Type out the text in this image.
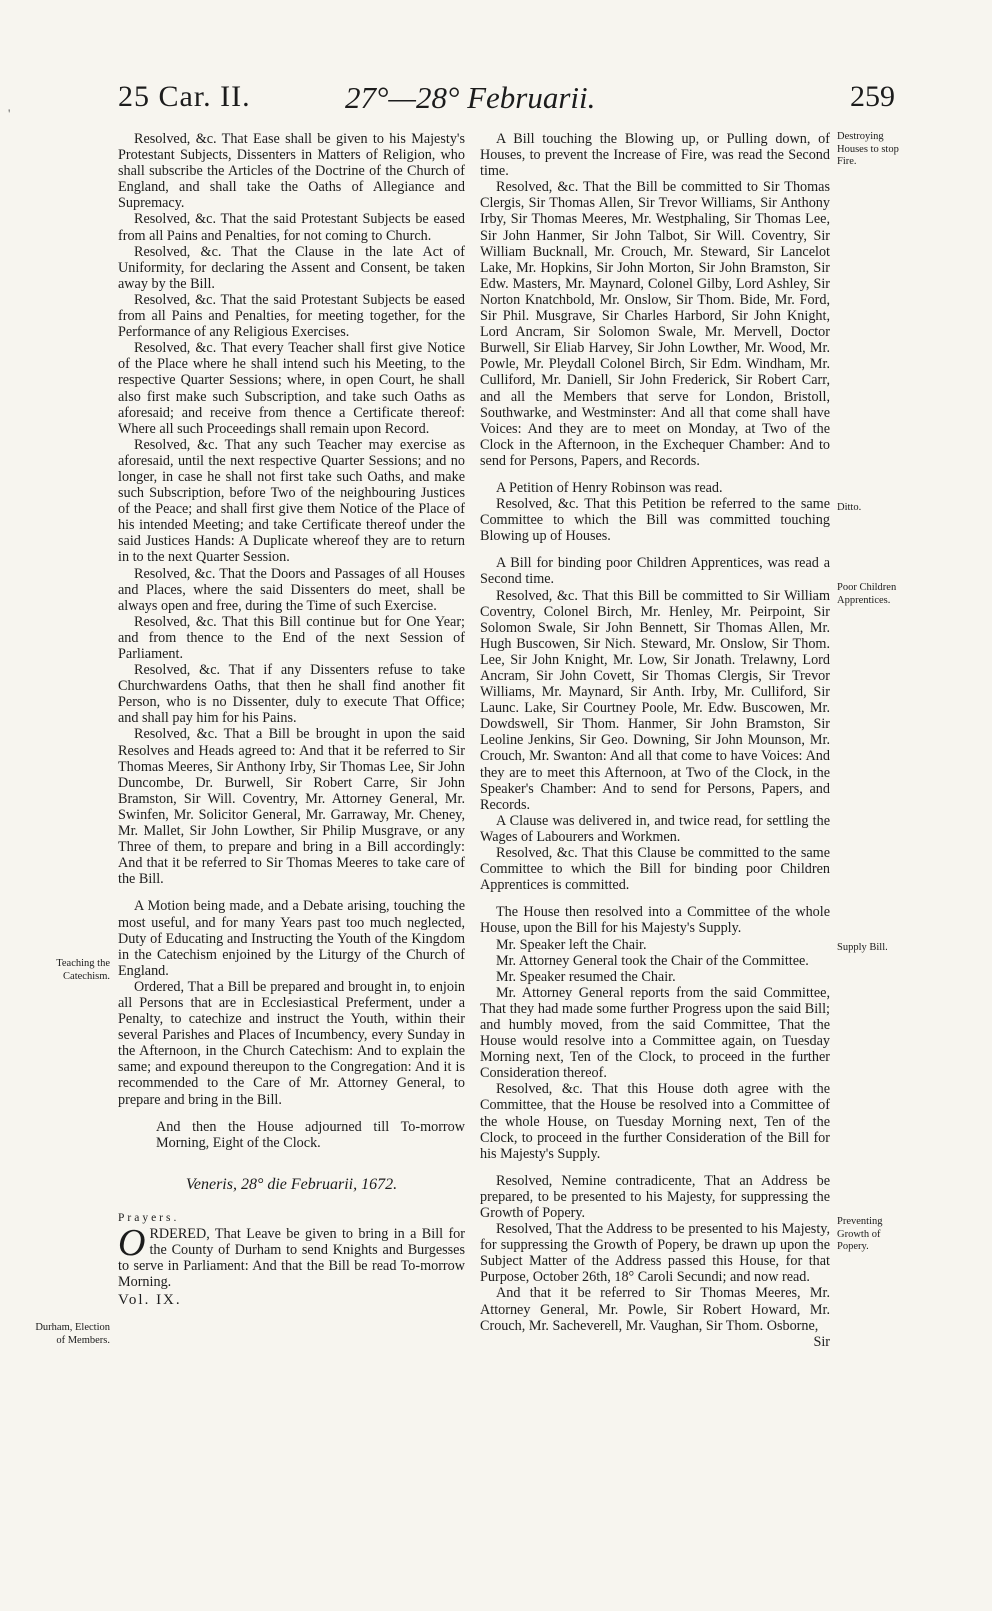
25 Car. II.	27°—28° Februarii.	259
'

Resolved, &c. That Ease shall be given to his Majesty's Protestant Subjects, Dissenters in Matters of Religion, who shall subscribe the Articles of the Doctrine of the Church of England, and shall take the Oaths of Allegiance and Supremacy.

Resolved, &c. That the said Protestant Subjects be eased from all Pains and Penalties, for not coming to Church.

Resolved, &c. That the Clause in the late Act of Uniformity, for declaring the Assent and Consent, be taken away by the Bill.

Resolved, &c. That the said Protestant Subjects be eased from all Pains and Penalties, for meeting together, for the Performance of any Religious Exercises.

Resolved, &c. That every Teacher shall first give Notice of the Place where he shall intend such his Meeting, to the respective Quarter Sessions; where, in open Court, he shall also first make such Subscription, and take such Oaths as aforesaid; and receive from thence a Certificate thereof: Where all such Proceedings shall remain upon Record.

Resolved, &c. That any such Teacher may exercise as aforesaid, until the next respective Quarter Sessions; and no longer, in case he shall not first take such Oaths, and make such Subscription, before Two of the neighbouring Justices of the Peace; and shall first give them Notice of the Place of his intended Meeting; and take Certificate thereof under the said Justices Hands: A Duplicate whereof they are to return in to the next Quarter Session.

Resolved, &c. That the Doors and Passages of all Houses and Places, where the said Dissenters do meet, shall be always open and free, during the Time of such Exercise.

Resolved, &c. That this Bill continue but for One Year; and from thence to the End of the next Session of Parliament.

Resolved, &c. That if any Dissenters refuse to take Churchwardens Oaths, that then he shall find another fit Person, who is no Dissenter, duly to execute That Office; and shall pay him for his Pains.

Resolved, &c. That a Bill be brought in upon the said Resolves and Heads agreed to: And that it be referred to Sir Thomas Meeres, Sir Anthony Irby, Sir Thomas Lee, Sir John Duncombe, Dr. Burwell, Sir Robert Carre, Sir John Bramston, Sir Will. Coventry, Mr. Attorney General, Mr. Swinfen, Mr. Solicitor General, Mr. Garraway, Mr. Cheney, Mr. Mallet, Sir John Lowther, Sir Philip Musgrave, or any Three of them, to prepare and bring in a Bill accordingly: And that it be referred to Sir Thomas Meeres to take care of the Bill.

A Motion being made, and a Debate arising, touching the most useful, and for many Years past too much neglected, Duty of Educating and Instructing the Youth of the Kingdom in the Catechism enjoined by the Liturgy of the Church of England.

Ordered, That a Bill be prepared and brought in, to enjoin all Persons that are in Ecclesiastical Preferment, under a Penalty, to catechize and instruct the Youth, within their several Parishes and Places of Incumbency, every Sunday in the Afternoon, in the Church Catechism: And to explain the same; and expound thereupon to the Congregation: And it is recommended to the Care of Mr. Attorney General, to prepare and bring in the Bill.

And then the House adjourned till To-morrow Morning, Eight of the Clock.

Veneris, 28° die Februarii, 1672.

Prayers.

ORDERED, That Leave be given to bring in a Bill for the County of Durham to send Knights and Burgesses to serve in Parliament: And that the Bill be read To-morrow Morning.

Vol. IX.

A Bill touching the Blowing up, or Pulling down, of Houses, to prevent the Increase of Fire, was read the Second time.

Resolved, &c. That the Bill be committed to Sir Thomas Clergis, Sir Thomas Allen, Sir Trevor Williams, Sir Anthony Irby, Sir Thomas Meeres, Mr. Westphaling, Sir Thomas Lee, Sir John Hanmer, Sir John Talbot, Sir Will. Coventry, Sir William Bucknall, Mr. Crouch, Mr. Steward, Sir Lancelot Lake, Mr. Hopkins, Sir John Morton, Sir John Bramston, Sir Edw. Masters, Mr. Maynard, Colonel Gilby, Lord Ashley, Sir Norton Knatchbold, Mr. Onslow, Sir Thom. Bide, Mr. Ford, Sir Phil. Musgrave, Sir Charles Harbord, Sir John Knight, Lord Ancram, Sir Solomon Swale, Mr. Mervell, Doctor Burwell, Sir Eliab Harvey, Sir John Lowther, Mr. Wood, Mr. Powle, Mr. Pleydall Colonel Birch, Sir Edm. Windham, Mr. Culliford, Mr. Daniell, Sir John Frederick, Sir Robert Carr, and all the Members that serve for London, Bristoll, Southwarke, and Westminster: And all that come shall have Voices: And they are to meet on Monday, at Two of the Clock in the Afternoon, in the Exchequer Chamber: And to send for Persons, Papers, and Records.

A Petition of Henry Robinson was read.

Resolved, &c. That this Petition be referred to the same Committee to which the Bill was committed touching Blowing up of Houses.

A Bill for binding poor Children Apprentices, was read a Second time.

Resolved, &c. That this Bill be committed to Sir William Coventry, Colonel Birch, Mr. Henley, Mr. Peirpoint, Sir Solomon Swale, Sir John Bennett, Sir Thomas Allen, Mr. Hugh Buscowen, Sir Nich. Steward, Mr. Onslow, Sir Thom. Lee, Sir John Knight, Mr. Low, Sir Jonath. Trelawny, Lord Ancram, Sir John Covett, Sir Thomas Clergis, Sir Trevor Williams, Mr. Maynard, Sir Anth. Irby, Mr. Culliford, Sir Launc. Lake, Sir Courtney Poole, Mr. Edw. Buscowen, Mr. Dowdswell, Sir Thom. Hanmer, Sir John Bramston, Sir Leoline Jenkins, Sir Geo. Downing, Sir John Mounson, Mr. Crouch, Mr. Swanton: And all that come to have Voices: And they are to meet this Afternoon, at Two of the Clock, in the Speaker's Chamber: And to send for Persons, Papers, and Records.

A Clause was delivered in, and twice read, for settling the Wages of Labourers and Workmen.

Resolved, &c. That this Clause be committed to the same Committee to which the Bill for binding poor Children Apprentices is committed.

The House then resolved into a Committee of the whole House, upon the Bill for his Majesty's Supply.

Mr. Speaker left the Chair.

Mr. Attorney General took the Chair of the Committee.

Mr. Speaker resumed the Chair.

Mr. Attorney General reports from the said Committee, That they had made some further Progress upon the said Bill; and humbly moved, from the said Committee, That the House would resolve into a Committee again, on Tuesday Morning next, Ten of the Clock, to proceed in the further Consideration thereof.

Resolved, &c. That this House doth agree with the Committee, that the House be resolved into a Committee of the whole House, on Tuesday Morning next, Ten of the Clock, to proceed in the further Consideration of the Bill for his Majesty's Supply.

Resolved, Nemine contradicente, That an Address be prepared, to be presented to his Majesty, for suppressing the Growth of Popery.

Resolved, That the Address to be presented to his Majesty, for suppressing the Growth of Popery, be drawn up upon the Subject Matter of the Address passed this House, for that Purpose, October 26th, 18° Caroli Secundi; and now read.

And that it be referred to Sir Thomas Meeres, Mr. Attorney General, Mr. Powle, Sir Robert Howard, Mr. Crouch, Mr. Sacheverell, Mr. Vaughan, Sir Thom. Osborne,

Sir

Destroying Houses to stop Fire.
Ditto.
Poor Children Apprentices.
Supply Bill.
Preventing Growth of Popery.
Teaching the Catechism.
Durham, Election of Members.
